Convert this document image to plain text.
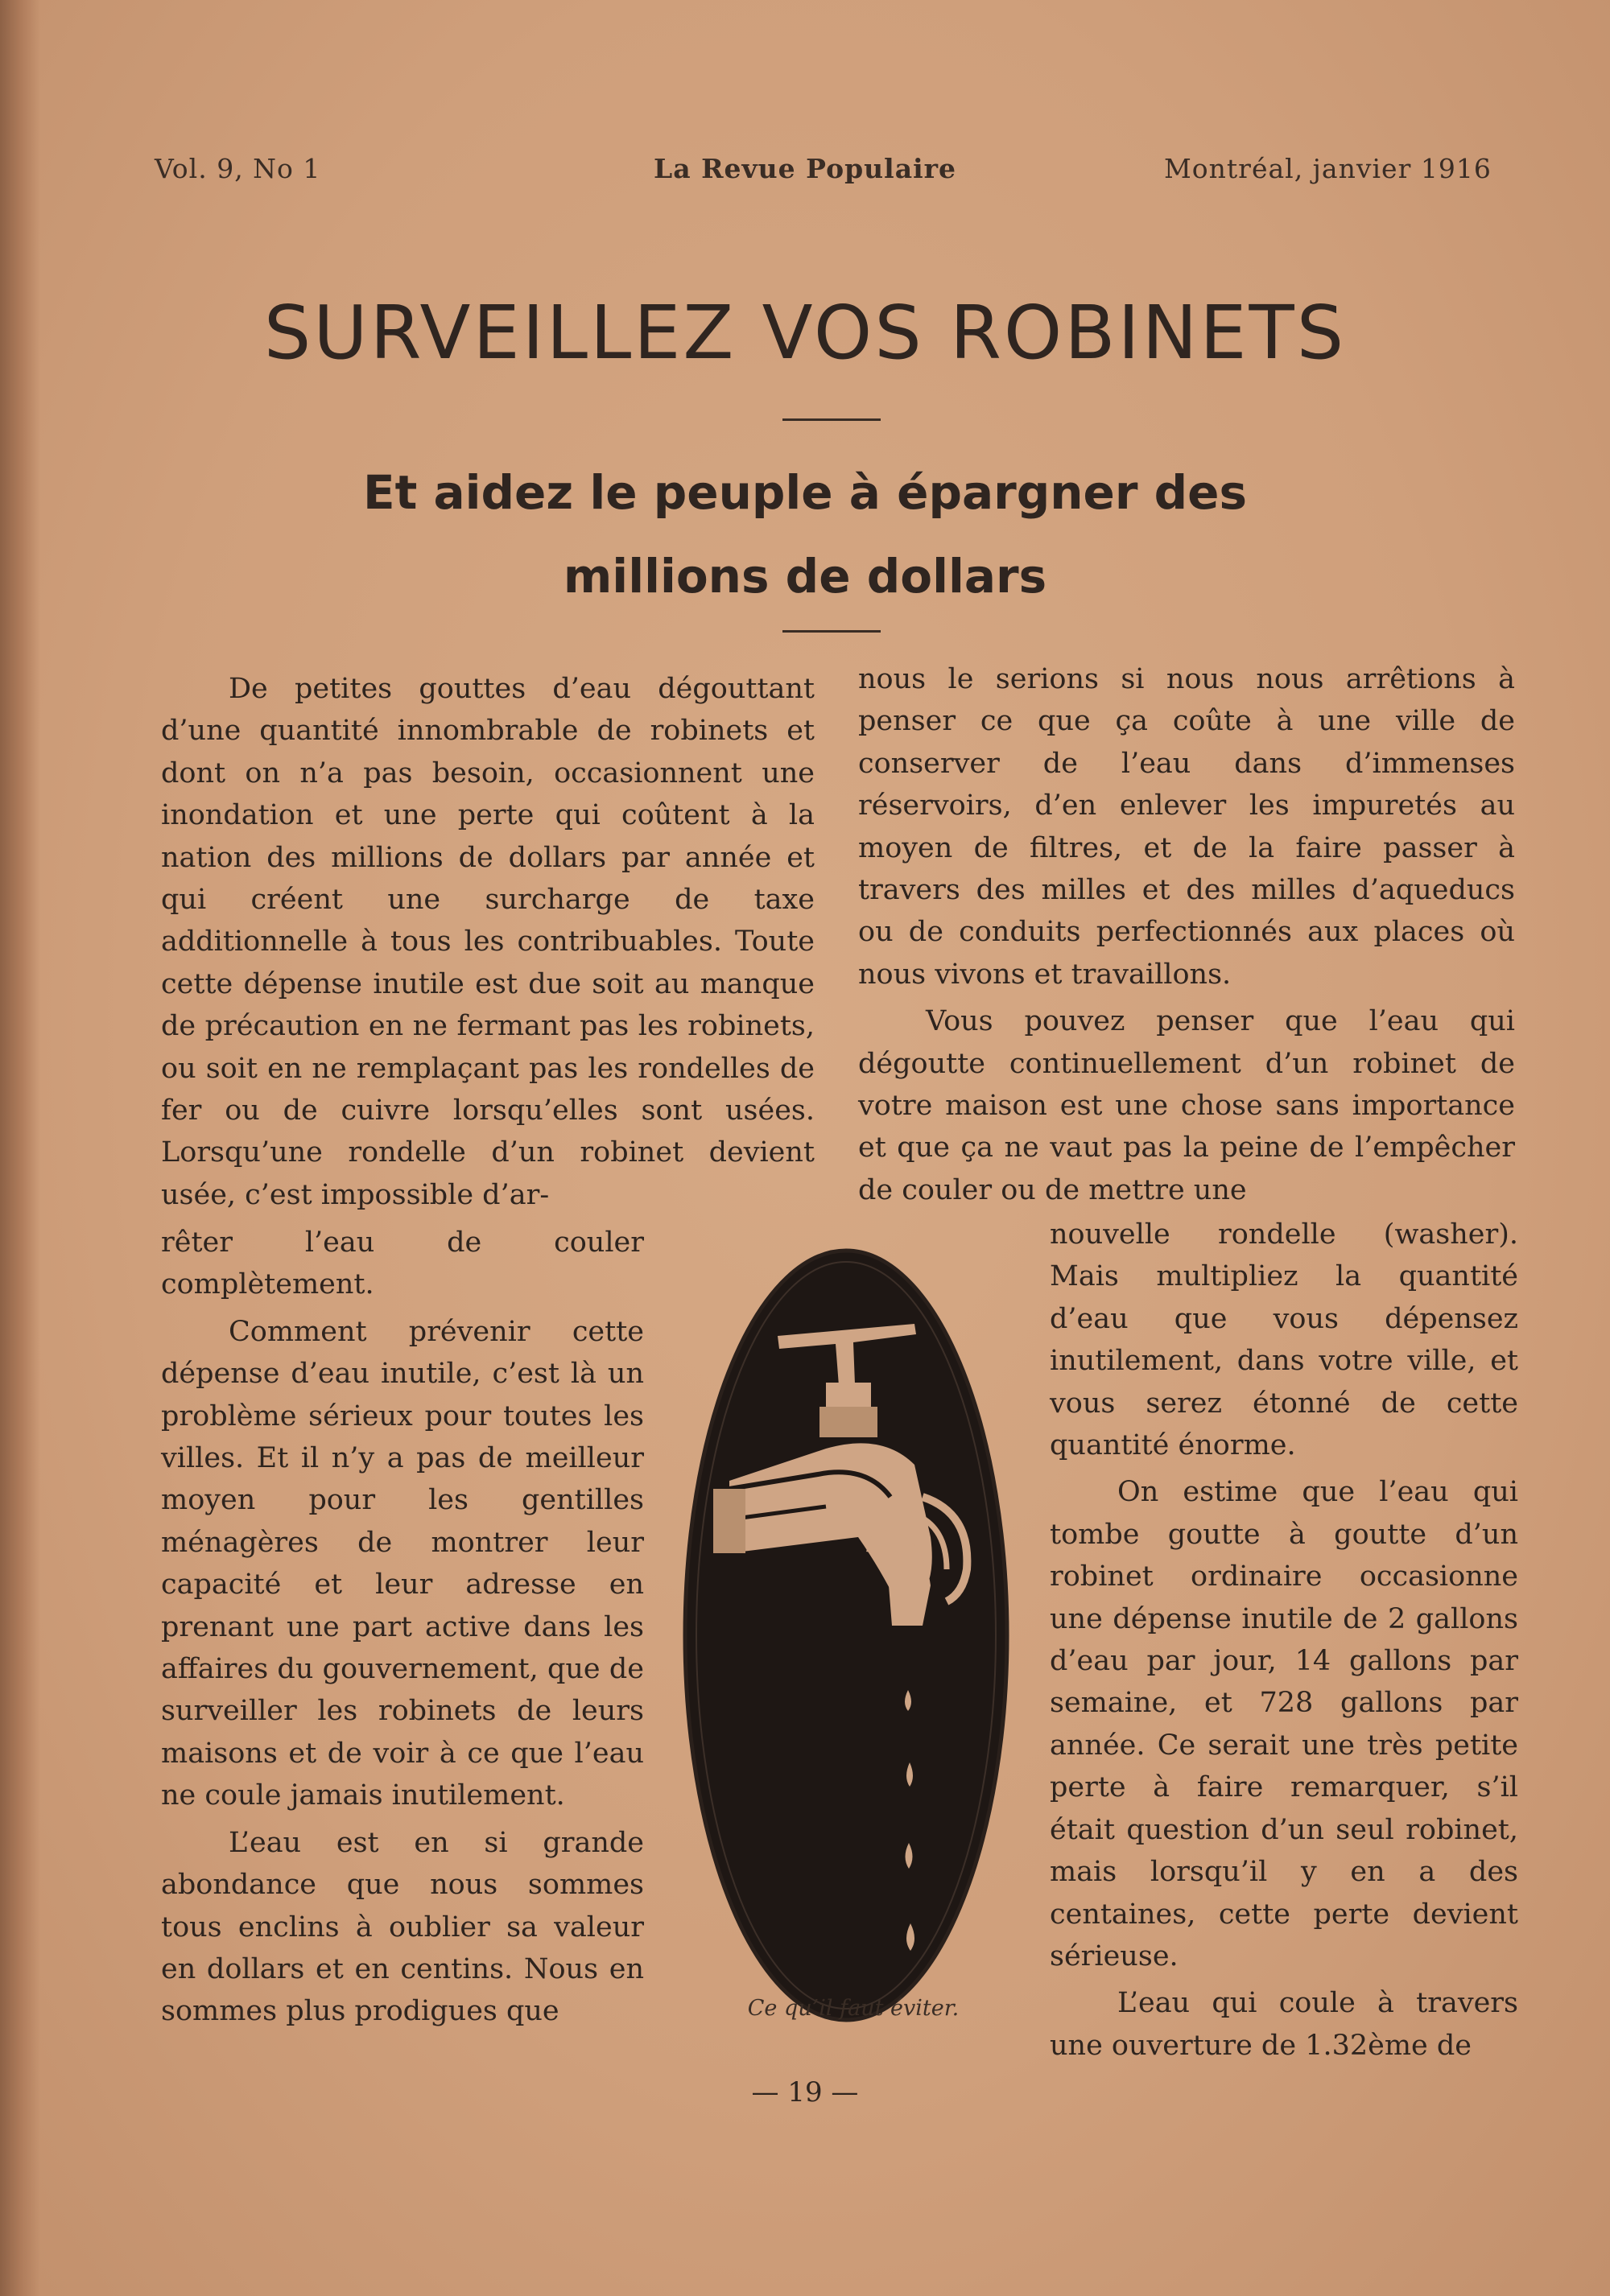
Vol. 9, No 1	La Revue Populaire	Montréal, janvier 1916
SURVEILLEZ VOS ROBINETS
Et aidez le peuple à épargner des millions de dollars

De petites gouttes d’eau dégouttant d’une quantité innombrable de robinets et dont on n’a pas besoin, occasionnent une inondation et une perte qui coûtent à la nation des millions de dollars par année et qui créent une surcharge de taxe additionnelle à tous les contribuables. Toute cette dépense inutile est due soit au manque de précaution en ne fermant pas les robinets, ou soit en ne remplaçant pas les rondelles de fer ou de cuivre lorsqu’elles sont usées. Lorsqu’une rondelle d’un robinet devient usée, c’est impossible d’ar-

rêter l’eau de couler complètement.

Comment prévenir cette dépense d’eau inutile, c’est là un problème sérieux pour toutes les villes. Et il n’y a pas de meilleur moyen pour les gentilles ménagères de montrer leur capacité et leur adresse en prenant une part active dans les affaires du gouvernement, que de surveiller les robinets de leurs maisons et de voir à ce que l’eau ne coule jamais inutilement.

L’eau est en si grande abondance que nous sommes tous enclins à oublier sa valeur en dollars et en centins. Nous en sommes plus prodigues que

nous le serions si nous nous arrêtions à penser ce que ça coûte à une ville de conserver de l’eau dans d’immenses réservoirs, d’en enlever les impuretés au moyen de filtres, et de la faire passer à travers des milles et des milles d’aqueducs ou de conduits perfectionnés aux places où nous vivons et travaillons.

Vous pouvez penser que l’eau qui dégoutte continuellement d’un robinet de votre maison est une chose sans importance et que ça ne vaut pas la peine de l’empêcher de couler ou de mettre une

nouvelle rondelle (washer). Mais multipliez la quantité d’eau que vous dépensez inutilement, dans votre ville, et vous serez étonné de cette quantité énorme.

On estime que l’eau qui tombe goutte à goutte d’un robinet ordinaire occasionne une dépense inutile de 2 gallons d’eau par jour, 14 gallons par semaine, et 728 gallons par année. Ce serait une très petite perte à faire remarquer, s’il était question d’un seul robinet, mais lorsqu’il y en a des centaines, cette perte devient sérieuse.

L’eau qui coule à travers une ouverture de 1.32ème de

Ce qu’il faut éviter.
— 19 —
